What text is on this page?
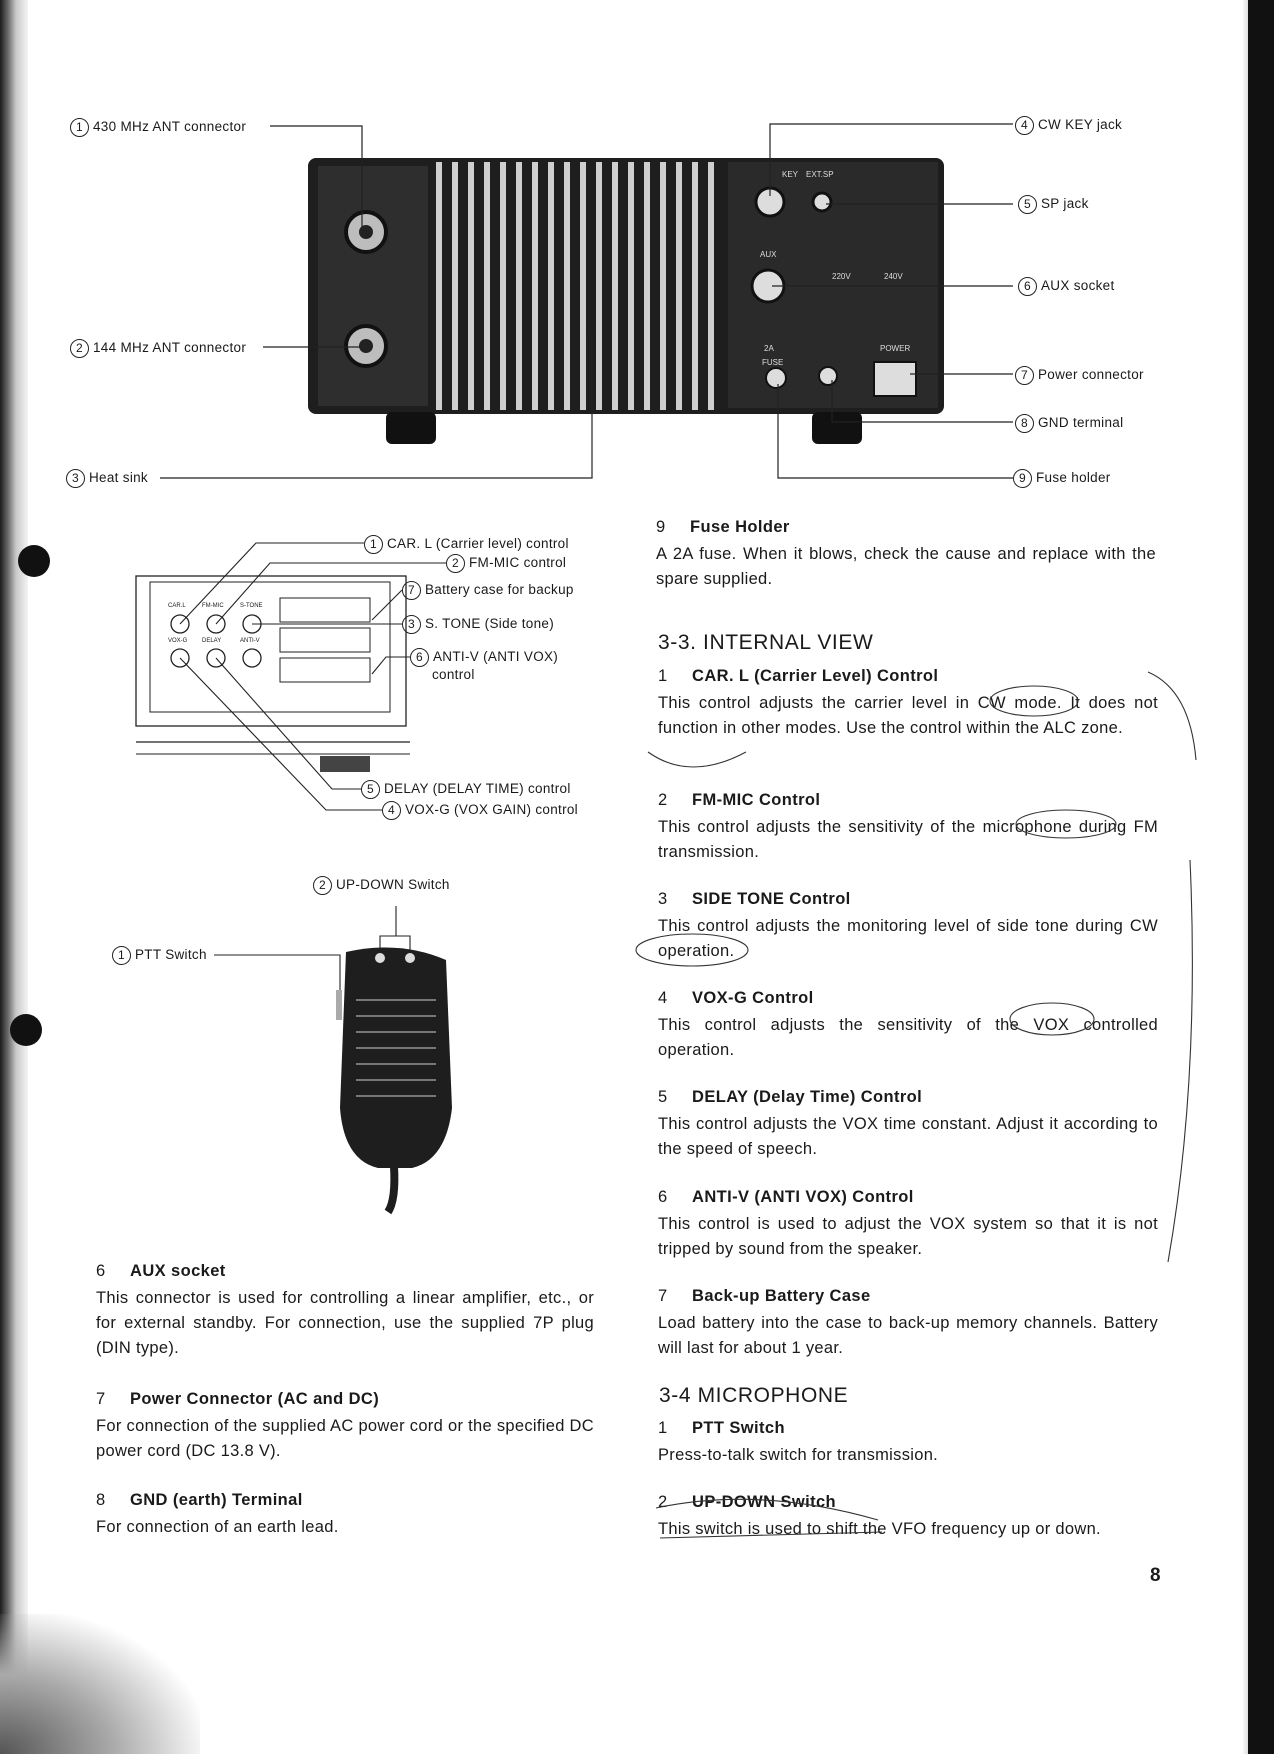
1 430 MHz ANT connector
2 144 MHz ANT connector
3 Heat sink
4 CW KEY jack
5 SP jack
6 AUX socket
7 Power connector
8 GND terminal
9 Fuse holder
KEY EXT.SP
AUX
220V	240V
FUSE
POWER
2A
CAR.L	FM-MIC	S-TONE
VOX-G DELAY	ANTI-V
1 CAR. L (Carrier level) control
2 FM-MIC control
7 Battery case for backup
3 S. TONE (Side tone)
6 ANTI-V (ANTI VOX)
control
5 DELAY (DELAY TIME) control
4 VOX-G (VOX GAIN) control
2 UP-DOWN Switch
1 PTT Switch
6 AUX socket

This connector is used for controlling a linear amplifier, etc., or for external standby. For connection, use the supplied 7P plug (DIN type).

7 Power Connector (AC and DC)

For connection of the supplied AC power cord or the specified DC power cord (DC 13.8 V).

8 GND (earth) Terminal

For connection of an earth lead.

9 Fuse Holder

A 2A fuse. When it blows, check the cause and replace with the spare supplied.

3-3. INTERNAL VIEW
1 CAR. L (Carrier Level) Control

This control adjusts the carrier level in CW mode. It does not function in other modes. Use the control within the ALC zone.

2 FM-MIC Control

This control adjusts the sensitivity of the microphone during FM transmission.

3 SIDE TONE Control

This control adjusts the monitoring level of side tone during CW operation.

4 VOX-G Control

This control adjusts the sensitivity of the VOX controlled operation.

5 DELAY (Delay Time) Control

This control adjusts the VOX time constant. Adjust it according to the speed of speech.

6 ANTI-V (ANTI VOX) Control

This control is used to adjust the VOX system so that it is not tripped by sound from the speaker.

7 Back-up Battery Case

Load battery into the case to back-up memory channels. Battery will last for about 1 year.

3-4 MICROPHONE
1 PTT Switch

Press-to-talk switch for transmission.

2 UP-DOWN Switch

This switch is used to shift the VFO frequency up or down.

8
